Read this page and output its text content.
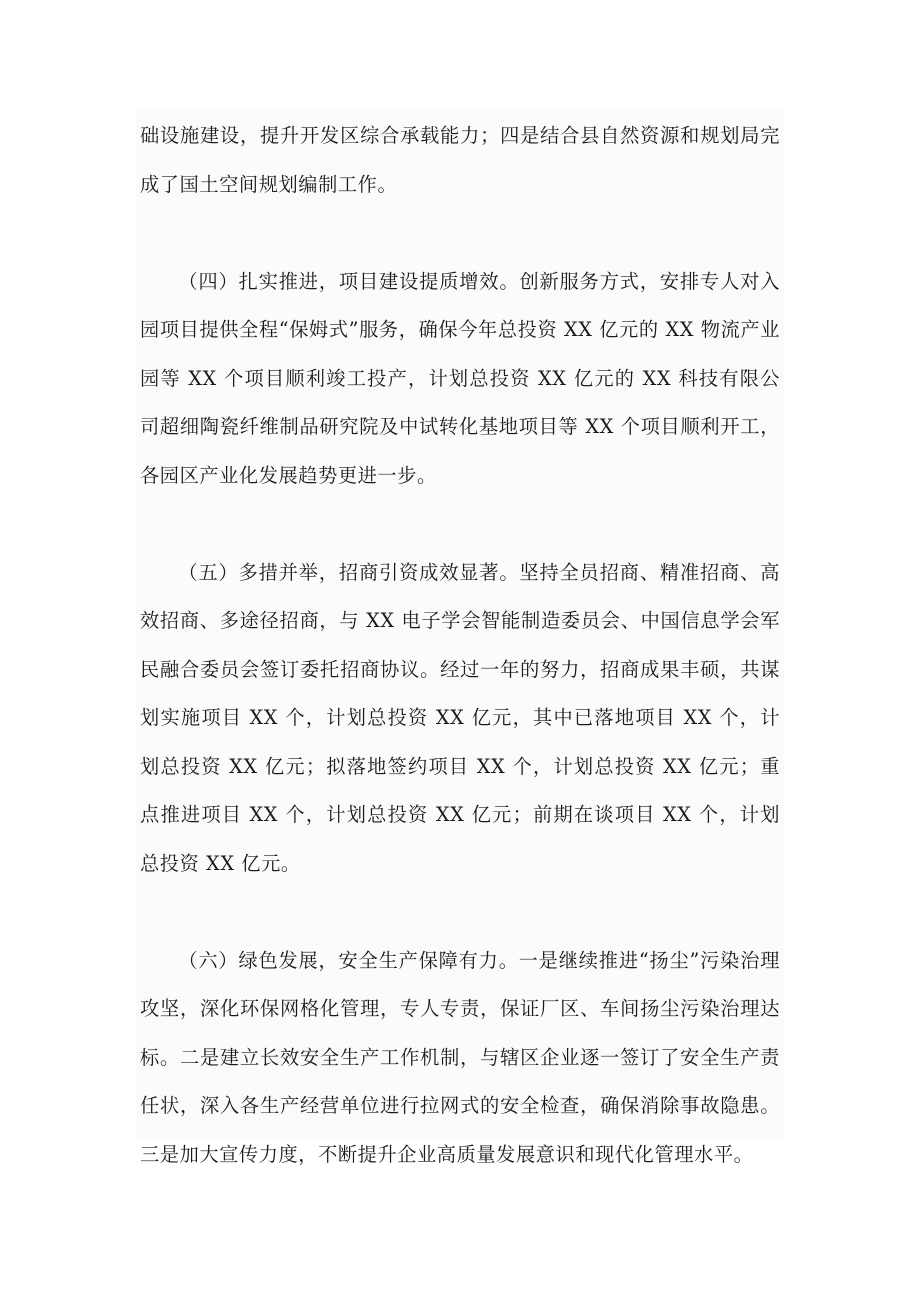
础设施建设，提升开发区综合承载能力；四是结合县自然资源和规划局完成了国土空间规划编制工作。

（四）扎实推进，项目建设提质增效。创新服务方式，安排专人对入园项目提供全程“保姆式”服务，确保今年总投资 XX 亿元的 XX 物流产业园等 XX 个项目顺利竣工投产，计划总投资 XX 亿元的 XX 科技有限公司超细陶瓷纤维制品研究院及中试转化基地项目等 XX 个项目顺利开工，各园区产业化发展趋势更进一步。

（五）多措并举，招商引资成效显著。坚持全员招商、精准招商、高效招商、多途径招商，与 XX 电子学会智能制造委员会、中国信息学会军民融合委员会签订委托招商协议。经过一年的努力，招商成果丰硕，共谋划实施项目 XX 个，计划总投资 XX 亿元，其中已落地项目 XX 个，计划总投资 XX 亿元；拟落地签约项目 XX 个，计划总投资 XX 亿元；重点推进项目 XX 个，计划总投资 XX 亿元；前期在谈项目 XX 个，计划总投资 XX 亿元。

（六）绿色发展，安全生产保障有力。一是继续推进“扬尘”污染治理攻坚，深化环保网格化管理，专人专责，保证厂区、车间扬尘污染治理达标。二是建立长效安全生产工作机制，与辖区企业逐一签订了安全生产责任状，深入各生产经营单位进行拉网式的安全检查，确保消除事故隐患。三是加大宣传力度，不断提升企业高质量发展意识和现代化管理水平。
